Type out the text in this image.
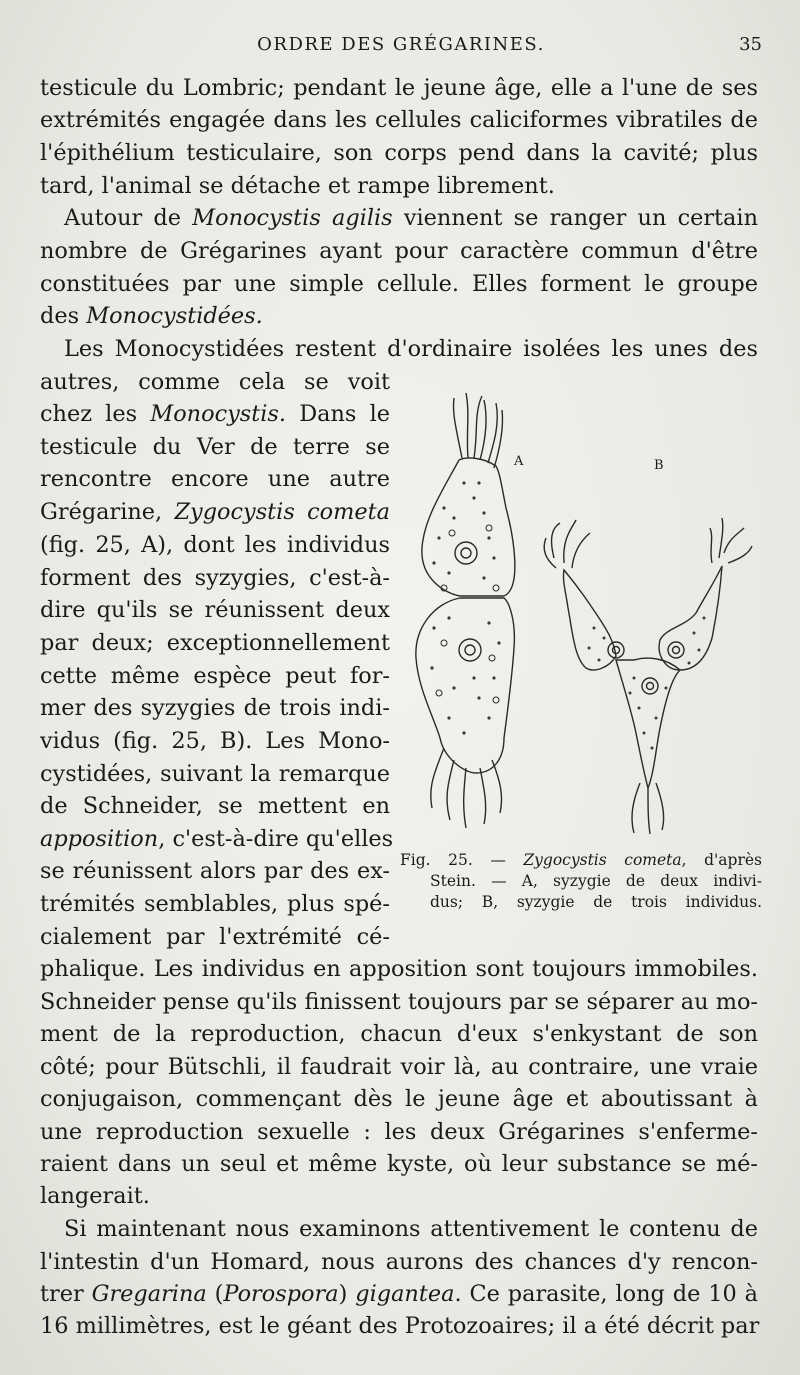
ORDRE DES GRÉGARINES.	35
testicule du Lombric; pendant le jeune âge, elle a l'une de ses
extrémités engagée dans les cellules caliciformes vibratiles de
l'épithélium testiculaire, son corps pend dans la cavité; plus
tard, l'animal se détache et rampe librement.
Autour de Monocystis agilis viennent se ranger un certain
nombre de Grégarines ayant pour caractère commun d'être
constituées par une simple cellule. Elles forment le groupe
des Monocystidées.
Les Monocystidées restent d'ordinaire isolées les unes des
autres, comme cela se voit
chez les Monocystis. Dans le
testicule du Ver de terre se
rencontre encore une autre
Grégarine, Zygocystis cometa
(fig. 25, A), dont les individus
forment des syzygies, c'est-à-
dire qu'ils se réunissent deux
par deux; exceptionnellement
cette même espèce peut for-
mer des syzygies de trois indi-
vidus (fig. 25, B). Les Mono-
cystidées, suivant la remarque
de Schneider, se mettent en
apposition, c'est-à-dire qu'elles
se réunissent alors par des ex-
trémités semblables, plus spé-
cialement par l'extrémité cé-
phalique. Les individus en apposition sont toujours immobiles.
Schneider pense qu'ils finissent toujours par se séparer au mo-
ment de la reproduction, chacun d'eux s'enkystant de son
côté; pour Bütschli, il faudrait voir là, au contraire, une vraie
conjugaison, commençant dès le jeune âge et aboutissant à
une reproduction sexuelle : les deux Grégarines s'enferme-
raient dans un seul et même kyste, où leur substance se mé-
langerait.
Si maintenant nous examinons attentivement le contenu de
l'intestin d'un Homard, nous aurons des chances d'y rencon-
trer Gregarina (Porospora) gigantea. Ce parasite, long de 10 à
16 millimètres, est le géant des Protozoaires; il a été décrit par
A	B
Fig. 25. — Zygocystis cometa, d'après
Stein. — A, syzygie de deux indivi-
dus; B, syzygie de trois individus.
